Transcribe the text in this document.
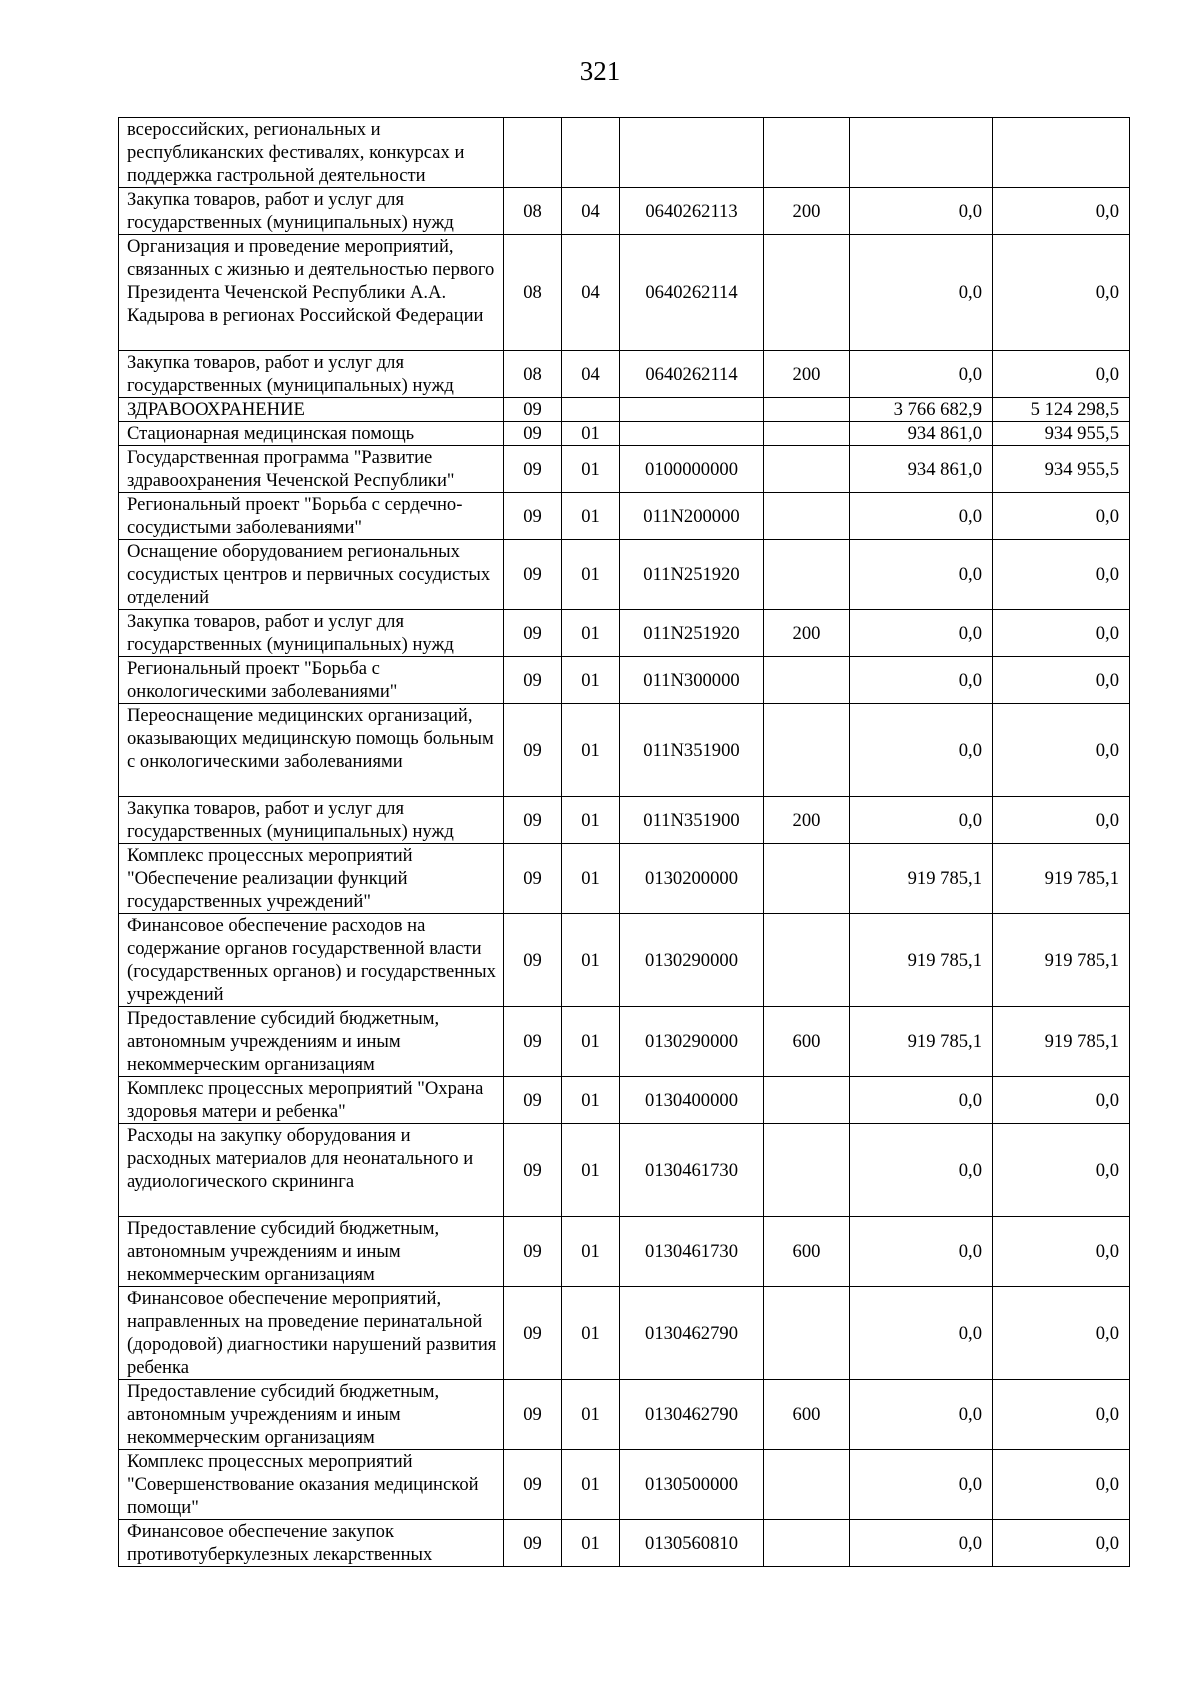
321
всероссийских, региональных и республиканских фестивалях, конкурсах и поддержка гастрольной деятельности						
Закупка товаров, работ и услуг для государственных (муниципальных) нужд	08	04	0640262113	200	0,0	0,0
Организация и проведение мероприятий, связанных с жизнью и деятельностью первого Президента Чеченской Республики А.А. Кадырова в регионах Российской Федерации	08	04	0640262114		0,0	0,0
Закупка товаров, работ и услуг для государственных (муниципальных) нужд	08	04	0640262114	200	0,0	0,0
ЗДРАВООХРАНЕНИЕ	09				3 766 682,9	5 124 298,5
Стационарная медицинская помощь	09	01			934 861,0	934 955,5
Государственная программа "Развитие здравоохранения Чеченской Республики"	09	01	0100000000		934 861,0	934 955,5
Региональный проект "Борьба с сердечно-сосудистыми заболеваниями"	09	01	011N200000		0,0	0,0
Оснащение оборудованием региональных сосудистых центров и первичных сосудистых отделений	09	01	011N251920		0,0	0,0
Закупка товаров, работ и услуг для государственных (муниципальных) нужд	09	01	011N251920	200	0,0	0,0
Региональный проект "Борьба с онкологическими заболеваниями"	09	01	011N300000		0,0	0,0
Переоснащение медицинских организаций, оказывающих медицинскую помощь больным с онкологическими заболеваниями	09	01	011N351900		0,0	0,0
Закупка товаров, работ и услуг для государственных (муниципальных) нужд	09	01	011N351900	200	0,0	0,0
Комплекс процессных мероприятий "Обеспечение реализации функций государственных учреждений"	09	01	0130200000		919 785,1	919 785,1
Финансовое обеспечение расходов на содержание органов государственной власти (государственных органов) и государственных учреждений	09	01	0130290000		919 785,1	919 785,1
Предоставление субсидий бюджетным, автономным учреждениям и иным некоммерческим организациям	09	01	0130290000	600	919 785,1	919 785,1
Комплекс процессных мероприятий "Охрана здоровья матери и ребенка"	09	01	0130400000		0,0	0,0
Расходы на закупку оборудования и расходных материалов для неонатального и аудиологического скрининга	09	01	0130461730		0,0	0,0
Предоставление субсидий бюджетным, автономным учреждениям и иным некоммерческим организациям	09	01	0130461730	600	0,0	0,0
Финансовое обеспечение мероприятий, направленных на проведение перинатальной (дородовой) диагностики нарушений развития ребенка	09	01	0130462790		0,0	0,0
Предоставление субсидий бюджетным, автономным учреждениям и иным некоммерческим организациям	09	01	0130462790	600	0,0	0,0
Комплекс процессных мероприятий "Совершенствование оказания медицинской помощи"	09	01	0130500000		0,0	0,0
Финансовое обеспечение закупок противотуберкулезных лекарственных	09	01	0130560810		0,0	0,0
